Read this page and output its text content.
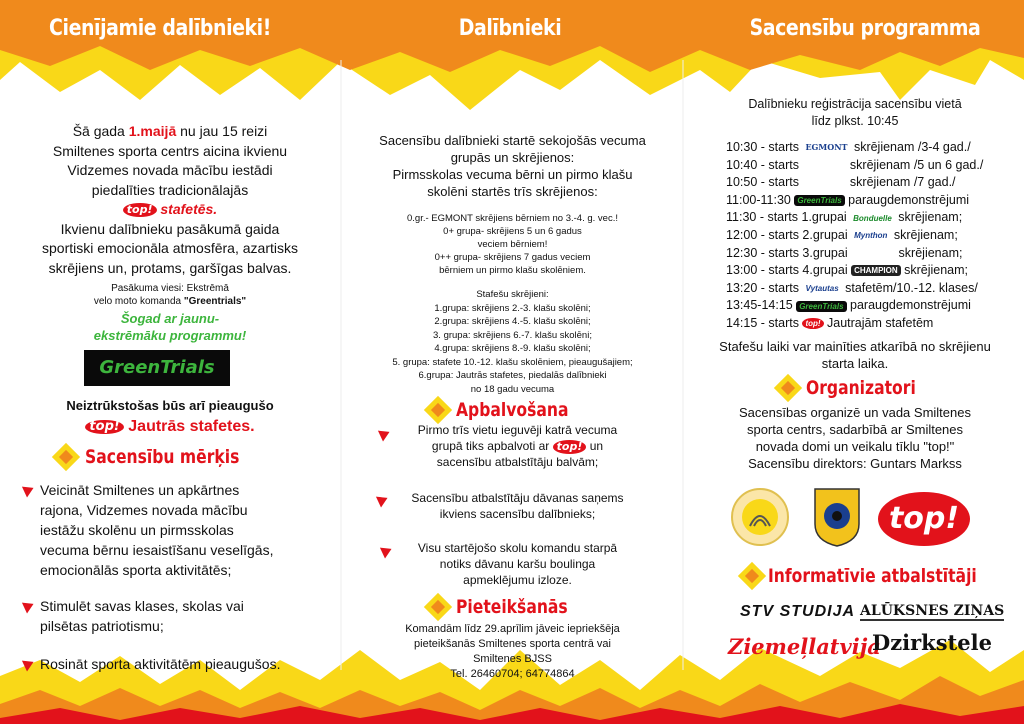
Cienījamie dalībnieki!	Dalībnieki	Sacensību programma

Šā gada 1.maijā nu jau 15 reizi

Smiltenes sporta centrs aicina ikvienu

Vidzemes novada mācību iestādi

piedalīties tradicionālajās

top! stafetēs.

Ikvienu dalībnieku pasākumā gaida

sportiski emocionāla atmosfēra, azartisks

skrējiens un, protams, garšīgas balvas.

Pasākuma viesi: Ekstrēmā

velo moto komanda "Greentrials"

Šogad ar jaunu-

ekstrēmāku programmu!

GreenTrials
Neiztrūkstošas būs arī pieaugušo
top! Jautrās stafetes.
Sacensību mērķis
Veicināt Smiltenes un apkārtnes
rajona, Vidzemes novada mācību
iestāžu skolēnu un pirmsskolas
vecuma bērnu iesaistīšanu veselīgās,
emocionālās sporta aktivitātēs;
Stimulēt savas klases, skolas vai
pilsētas patriotismu;
Rosināt sporta aktivitātēm pieaugušos.

Sacensību dalībnieki startē sekojošās vecuma

grupās un skrējienos:

Pirmsskolas vecuma bērni un pirmo klašu

skolēni startēs trīs skrējienos:

0.gr.- EGMONT skrējiens bērniem no 3.-4. g. vec.!

0+ grupa- skrējiens 5 un 6 gadus

veciem bērniem!

0++ grupa- skrējiens 7 gadus veciem

bērniem un pirmo klašu skolēniem.

Stafešu skrējieni:

1.grupa: skrējiens 2.-3. klašu skolēni;

2.grupa: skrējiens 4.-5. klašu skolēni;

3. grupa: skrējiens 6.-7. klašu skolēni;

4.grupa: skrējiens 8.-9. klašu skolēni;

5. grupa: stafete 10.-12. klašu skolēniem, pieaugušajiem;

6.grupa: Jautrās stafetes, piedalās dalībnieki

no 18 gadu vecuma

Apbalvošana

Pirmo trīs vietu ieguvēji katrā vecuma

grupā tiks apbalvoti ar top! un

sacensību atbalstītāju balvām;

Sacensību atbalstītāju dāvanas saņems

ikviens sacensību dalībnieks;

Visu startējošo skolu komandu starpā

notiks dāvanu karšu boulinga

apmeklējumu izloze.

Pieteikšanās

Komandām līdz 29.aprīlim jāveic iepriekšēja

pieteikšanās Smiltenes sporta centrā vai

Smiltenes BJSS

Tel. 26460704; 64774864

Dalībnieku reģistrācija sacensību vietā

līdz plkst. 10:45

10:30 - starts EGMONT skrējienam /3-4 gad./
10:40 - starts	skrējienam /5 un 6 gad./
10:50 - starts	skrējienam /7 gad./
11:00-11:30 GreenTrials paraugdemonstrējumi
11:30 - starts 1.grupai Bonduelle skrējienam;
12:00 - starts 2.grupai Mynthon skrējienam;
12:30 - starts 3.grupai	skrējienam;
13:00 - starts 4.grupai CHAMPION skrējienam;
13:20 - starts Vytautas stafetēm/10.-12. klases/
13:45-14:15 GreenTrials paraugdemonstrējumi
14:15 - starts top! Jautrajām stafetēm

Stafešu laiki var mainīties atkarībā no skrējienu

starta laika.

Organizatori

Sacensības organizē un vada Smiltenes

sporta centrs, sadarbībā ar Smiltenes

novada domi un veikalu tīklu "top!"

Sacensību direktors: Guntars Markss

top!
Informatīvie atbalstītāji
STV STUDIJA ALŪKSNES ZIŅAS
Ziemeļlatvija
Dzirkstele
